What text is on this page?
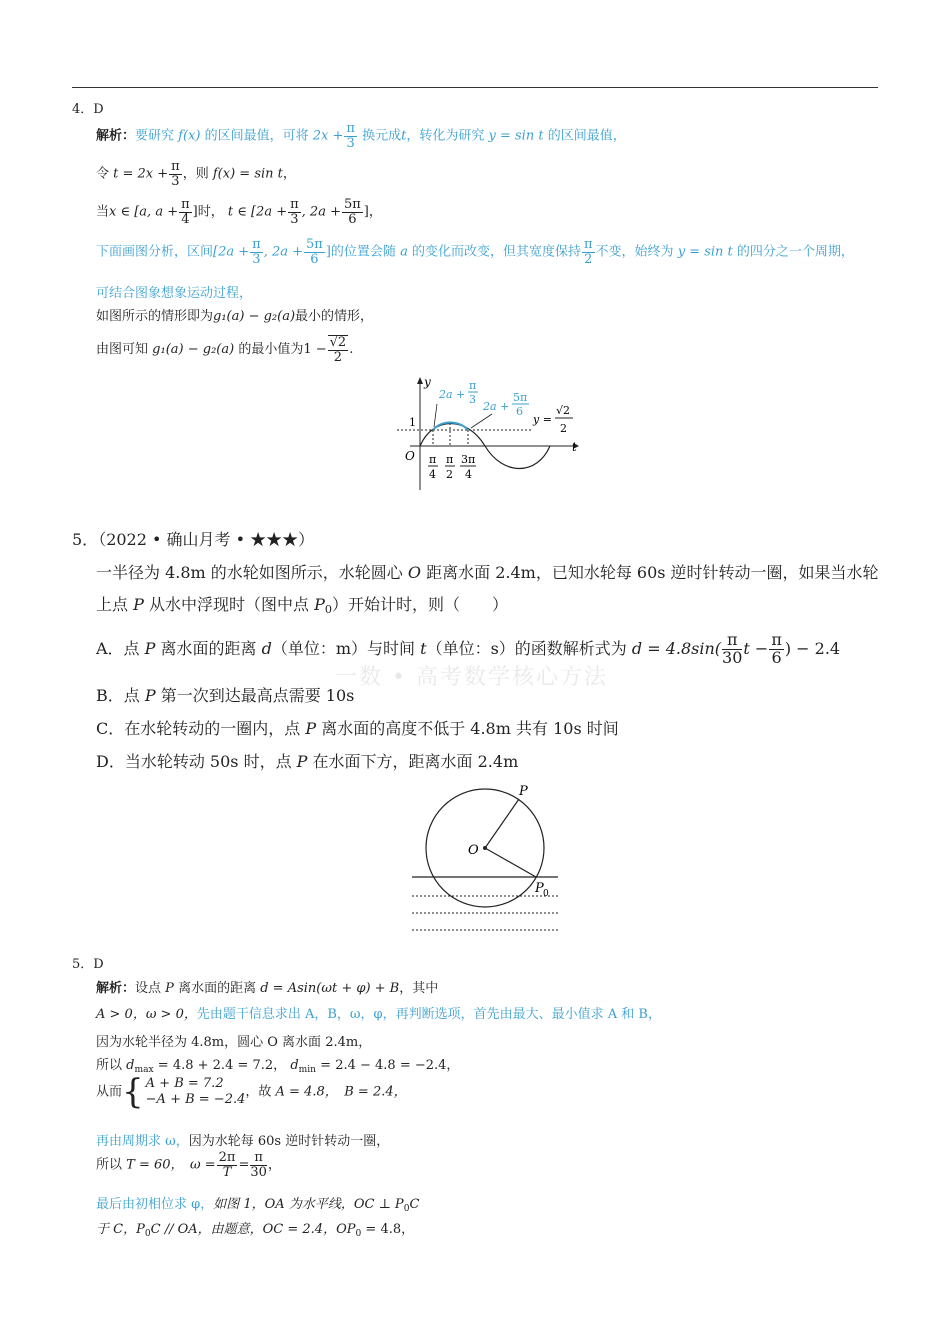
一数 • 高考数学核心方法
4．D
解析：要研究 f(x) 的区间最值，可将 $2x + \frac{\pi}{3}$ 换元成t，转化为研究 y = sin t 的区间最值，
令 $t = 2x + \frac{\pi}{3}$ ，则 f(x) = sin t，
当x ∈ [a, $a + \frac{\pi}{4}$ ]时， t ∈ [$2a + \frac{\pi}{3}$ , $2a + \frac{5\pi}{6}$ ]，
下面画图分析，区间[$2a + \frac{\pi}{3}$ , $2a + \frac{5\pi}{6}$ ]的位置会随 a 的变化而改变，但其宽度保持 $\frac{\pi}{2}$ 不变，始终为 y = sin t 的四分之一个周期，
可结合图象想象运动过程，
如图所示的情形即为g₁(a) − g₂(a)最小的情形，
由图可知 g₁(a) − g₂(a) 的最小值为$1 - \frac{√2}{2}$ .
y
t
O
1
2a +
π
3
2a +
5π
6
y =
√2
2
π
4
π
2
3π
4
5．（2022 • 确山月考 • ★★★）
一半径为 4.8m 的水轮如图所示，水轮圆心 O 距离水面 2.4m，已知水轮每 60s 逆时针转动一圈，如果当水轮
上点 P 从水中浮现时（图中点 $P_0$）开始计时，则（　　）
A．点 P 离水面的距离 d（单位：m）与时间 t（单位：s）的函数解析式为 $d = 4.8\sin( \frac{\pi}{30}$ $t - \frac{\pi}{6}$ ) − 2.4
B．点 P 第一次到达最高点需要 10s
C．在水轮转动的一圈内，点 P 离水面的高度不低于 4.8m 共有 10s 时间
D．当水轮转动 50s 时，点 P 在水面下方，距离水面 2.4m
P
O
P 0
5．D
解析：设点 P 离水面的距离 d = Asin(ωt + φ) + B，其中
A > 0，ω > 0，先由题干信息求出 A，B，ω，φ，再判断选项，首先由最大、最小值求 A 和 B，
因为水轮半径为 4.8m，圆心 O 离水面 2.4m，
所以 $d_{max} = 4.8 + 2.4 = 7.2$， $d_{min} = 2.4 - 4.8 = -2.4$，
从而{ A + B = 7.2
−A + B = −2.4 ，故 A = 4.8，　B = 2.4，
再由周期求 ω，因为水轮每 60s 逆时针转动一圈，
所以 T = 60，　$\omega = \frac{2\pi}{T} = \frac{\pi}{30}$ ，
最后由初相位求 φ，如图 1，OA 为水平线，OC ⊥ $P_0C$
于 C，$P_0C$ // OA，由题意，OC = 2.4，$OP_0 = 4.8$，
